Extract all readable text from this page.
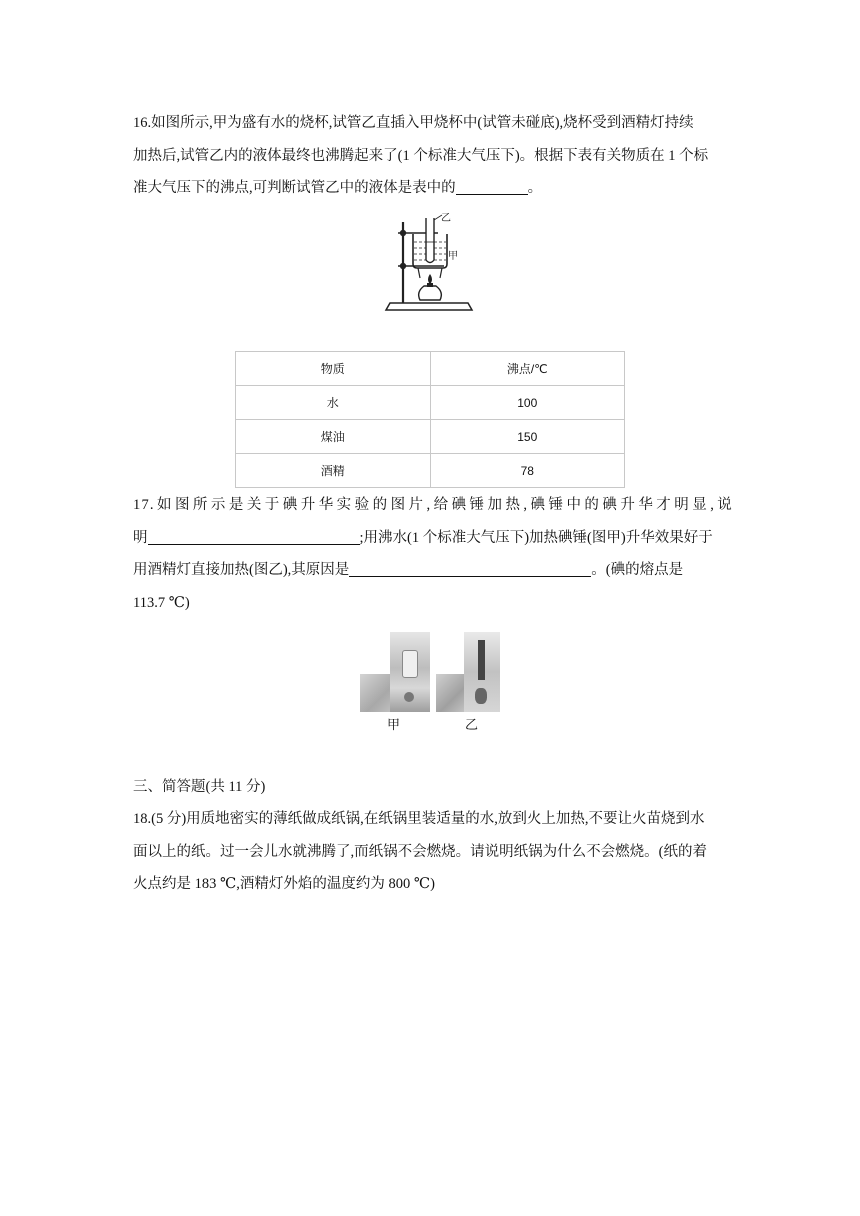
16.如图所示,甲为盛有水的烧杯,试管乙直插入甲烧杯中(试管未碰底),烧杯受到酒精灯持续
加热后,试管乙内的液体最终也沸腾起来了(1 个标准大气压下)。根据下表有关物质在 1 个标
准大气压下的沸点,可判断试管乙中的液体是表中的	。

乙
甲
物质	沸点/℃
水	100
煤油	150
酒精	78

17.如图所示是关于碘升华实验的图片,给碘锤加热,碘锤中的碘升华才明显,说
明	;用沸水(1 个标准大气压下)加热碘锤(图甲)升华效果好于
用酒精灯直接加热(图乙),其原因是	。(碘的熔点是
113.7 ℃)

甲	乙
三、简答题(共 11 分)

18.(5 分)用质地密实的薄纸做成纸锅,在纸锅里装适量的水,放到火上加热,不要让火苗烧到水
面以上的纸。过一会儿水就沸腾了,而纸锅不会燃烧。请说明纸锅为什么不会燃烧。(纸的着
火点约是 183 ℃,酒精灯外焰的温度约为 800 ℃)
